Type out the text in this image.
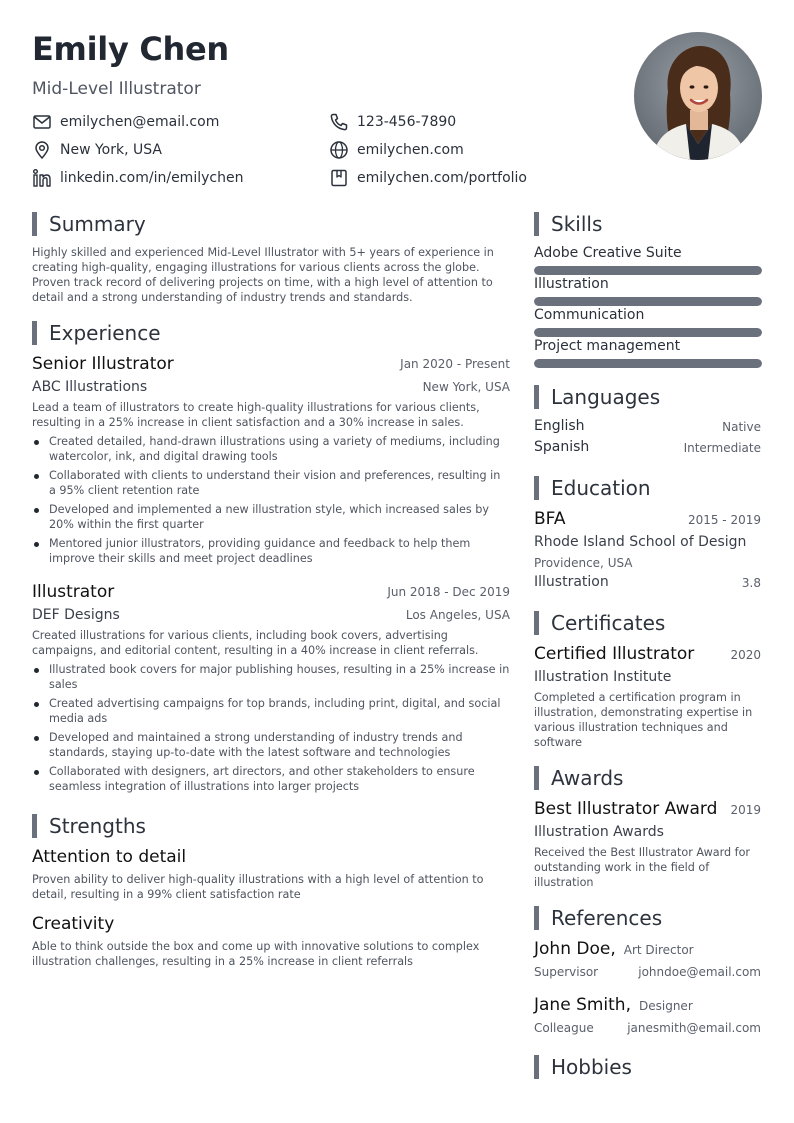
Emily Chen
Mid-Level Illustrator
emilychen@email.com	123-456-7890
New York, USA	emilychen.com
linkedin.com/in/emilychen	emilychen.com/portfolio
Summary
Highly skilled and experienced Mid-Level Illustrator with 5+ years of experience in creating high-quality, engaging illustrations for various clients across the globe. Proven track record of delivering projects on time, with a high level of attention to detail and a strong understanding of industry trends and standards.
Experience
Senior Illustrator	Jan 2020 - Present
ABC Illustrations	New York, USA
Lead a team of illustrators to create high-quality illustrations for various clients, resulting in a 25% increase in client satisfaction and a 30% increase in sales.
Created detailed, hand-drawn illustrations using a variety of mediums, including watercolor, ink, and digital drawing tools
Collaborated with clients to understand their vision and preferences, resulting in a 95% client retention rate
Developed and implemented a new illustration style, which increased sales by 20% within the first quarter
Mentored junior illustrators, providing guidance and feedback to help them improve their skills and meet project deadlines
Illustrator	Jun 2018 - Dec 2019
DEF Designs	Los Angeles, USA
Created illustrations for various clients, including book covers, advertising campaigns, and editorial content, resulting in a 40% increase in client referrals.
Illustrated book covers for major publishing houses, resulting in a 25% increase in sales
Created advertising campaigns for top brands, including print, digital, and social media ads
Developed and maintained a strong understanding of industry trends and standards, staying up-to-date with the latest software and technologies
Collaborated with designers, art directors, and other stakeholders to ensure seamless integration of illustrations into larger projects
Strengths
Attention to detail
Proven ability to deliver high-quality illustrations with a high level of attention to detail, resulting in a 99% client satisfaction rate
Creativity
Able to think outside the box and come up with innovative solutions to complex illustration challenges, resulting in a 25% increase in client referrals
Skills
Adobe Creative Suite
Illustration
Communication
Project management
Languages
English	Native
Spanish	Intermediate
Education
BFA	2015 - 2019
Rhode Island School of Design
Providence, USA
Illustration	3.8
Certificates
Certified Illustrator	2020
Illustration Institute
Completed a certification program in illustration, demonstrating expertise in various illustration techniques and software
Awards
Best Illustrator Award 2019
Illustration Awards
Received the Best Illustrator Award for outstanding work in the field of illustration
References
John Doe, Art Director
Supervisor	johndoe@email.com
Jane Smith, Designer
Colleague	janesmith@email.com
Hobbies
